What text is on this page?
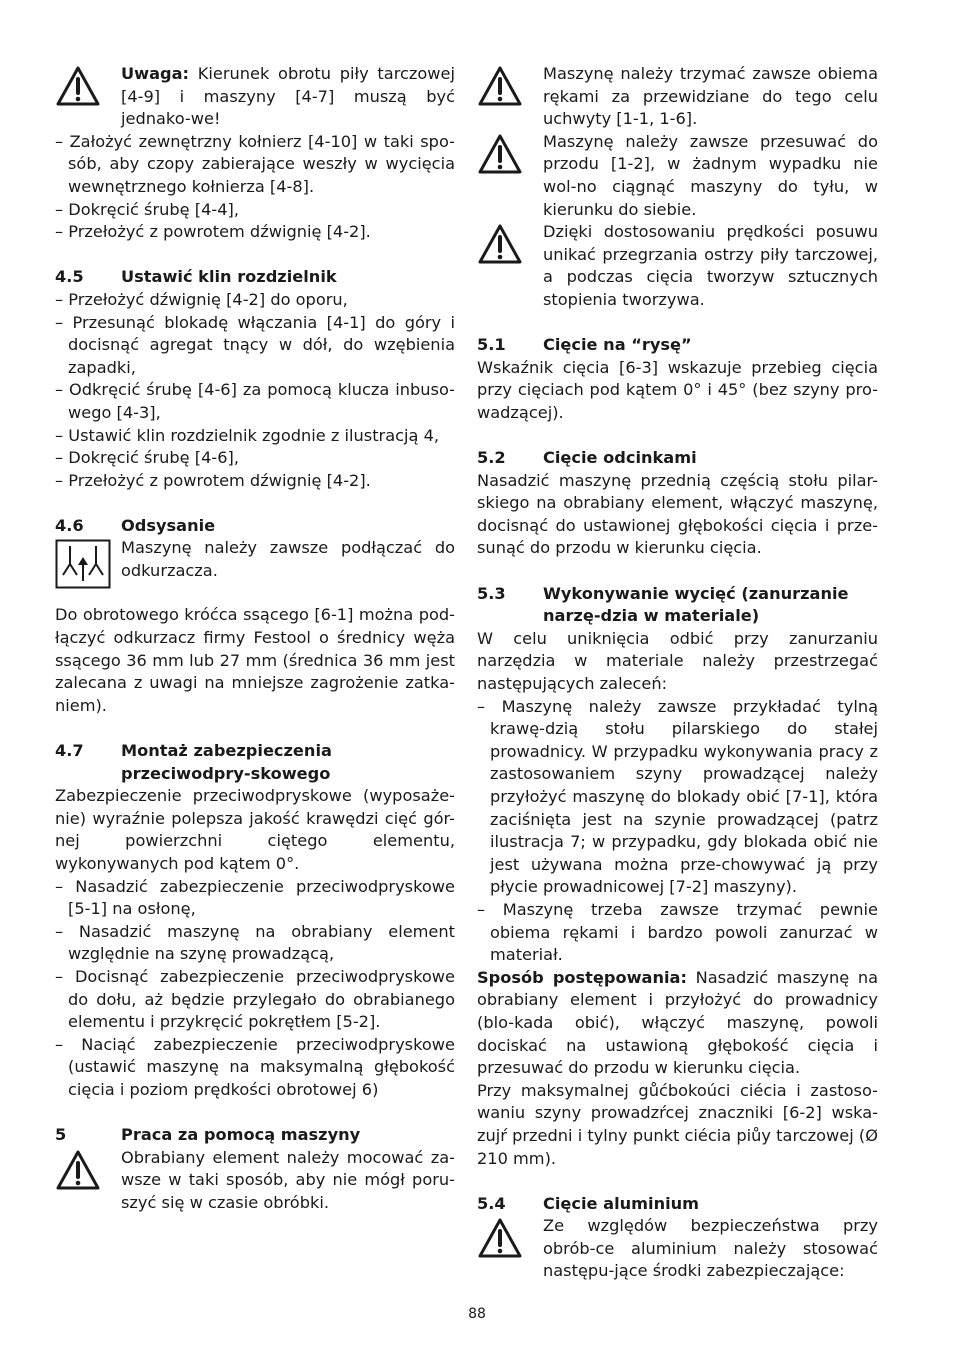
Uwaga: Kierunek obrotu piły tarczowej [4-9] i maszyny [4-7] muszą być jednako-we!

– Założyć zewnętrzny kołnierz [4-10] w taki spo-sób, aby czopy zabierające weszły w wycięcia wewnętrznego kołnierza [4-8].

– Dokręcić śrubę [4-4],

– Przełożyć z powrotem dźwignię [4-2].

4.5	Ustawić klin rozdzielnik

– Przełożyć dźwignię [4-2] do oporu,

– Przesunąć blokadę włączania [4-1] do góry i docisnąć agregat tnący w dół, do wzębienia zapadki,

– Odkręcić śrubę [4-6] za pomocą klucza inbuso-wego [4-3],

– Ustawić klin rozdzielnik zgodnie z ilustracją 4,

– Dokręcić śrubę [4-6],

– Przełożyć z powrotem dźwignię [4-2].

4.6	Odsysanie

Maszynę należy zawsze podłączać do odkurzacza.

Do obrotowego króćca ssącego [6-1] można pod-łączyć odkurzacz firmy Festool o średnicy węża ssącego 36 mm lub 27 mm (średnica 36 mm jest zalecana z uwagi na mniejsze zagrożenie zatka-niem).

4.7	Montaż zabezpieczenia przeciwodpry-skowego

Zabezpieczenie przeciwodpryskowe (wyposaże-nie) wyraźnie polepsza jakość krawędzi cięć gór-nej powierzchni ciętego elementu, wykonywanych pod kątem 0°.

– Nasadzić zabezpieczenie przeciwodpryskowe [5-1] na osłonę,

– Nasadzić maszynę na obrabiany element względnie na szynę prowadzącą,

– Docisnąć zabezpieczenie przeciwodpryskowe do dołu, aż będzie przylegało do obrabianego elementu i przykręcić pokrętłem [5-2].

– Naciąć zabezpieczenie przeciwodpryskowe (ustawić maszynę na maksymalną głębokość cięcia i poziom prędkości obrotowej 6)

5	Praca za pomocą maszyny

Obrabiany element należy mocować za-wsze w taki sposób, aby nie mógł poru-szyć się w czasie obróbki.

Maszynę należy trzymać zawsze obiema rękami za przewidziane do tego celu uchwyty [1-1, 1-6].

Maszynę należy zawsze przesuwać do przodu [1-2], w żadnym wypadku nie wol-no ciągnąć maszyny do tyłu, w kierunku do siebie.

Dzięki dostosowaniu prędkości posuwu unikać przegrzania ostrzy piły tarczowej, a podczas cięcia tworzyw sztucznych stopienia tworzywa.

5.1	Cięcie na “rysę”

Wskaźnik cięcia [6-3] wskazuje przebieg cięcia przy cięciach pod kątem 0° i 45° (bez szyny pro-wadzącej).

5.2	Cięcie odcinkami

Nasadzić maszynę przednią częścią stołu pilar-skiego na obrabiany element, włączyć maszynę, docisnąć do ustawionej głębokości cięcia i prze-sunąć do przodu w kierunku cięcia.

5.3	Wykonywanie wycięć (zanurzanie narzę-dzia w materiale)

W celu uniknięcia odbić przy zanurzaniu narzędzia w materiale należy przestrzegać następujących zaleceń:

– Maszynę należy zawsze przykładać tylną krawę-dzią stołu pilarskiego do stałej prowadnicy. W przypadku wykonywania pracy z zastosowaniem szyny prowadzącej należy przyłożyć maszynę do blokady obić [7-1], która zaciśnięta jest na szynie prowadzącej (patrz ilustracja 7; w przypadku, gdy blokada obić nie jest używana można prze-chowywać ją przy płycie prowadnicowej [7-2] maszyny).

– Maszynę trzeba zawsze trzymać pewnie obiema rękami i bardzo powoli zanurzać w materiał.

Sposób postępowania: Nasadzić maszynę na obrabiany element i przyłożyć do prowadnicy (blo-kada obić), włączyć maszynę, powoli dociskać na ustawioną głębokość cięcia i przesuwać do przodu w kierunku cięcia.

Przy maksymalnej gůćbokoúci ciécia i zastoso-waniu szyny prowadzŕcej znaczniki [6-2] wska-zujŕ przedni i tylny punkt ciécia piůy tarczowej (Ø 210 mm).

5.4	Cięcie aluminium

Ze względów bezpieczeństwa przy obrób-ce aluminium należy stosować następu-jące środki zabezpieczające:

88
